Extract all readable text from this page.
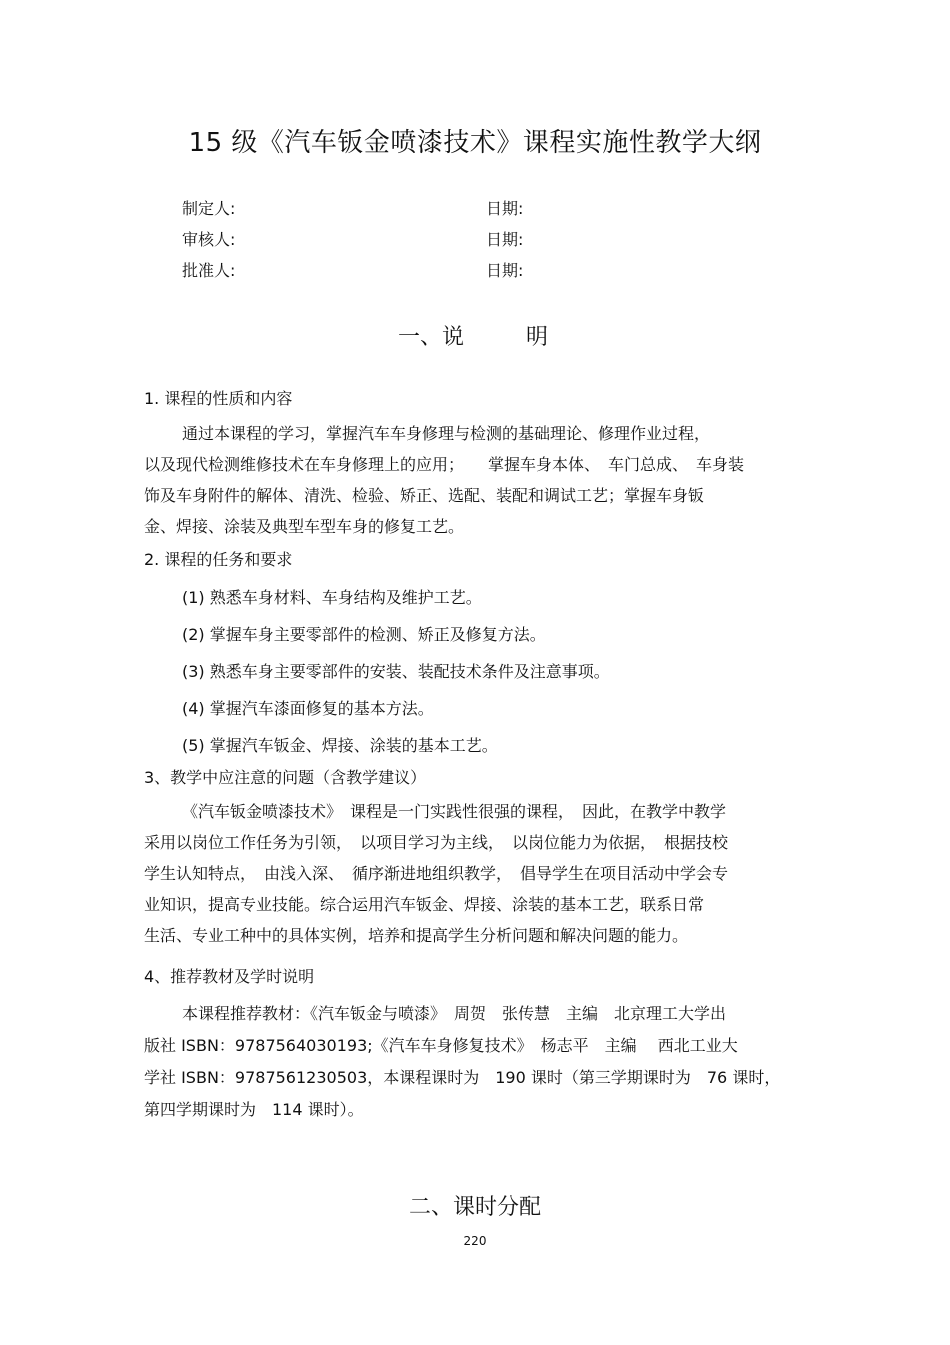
15 级《汽车钣金喷漆技术》课程实施性教学大纲
制定人:	日期:
审核人:	日期:
批准人:	日期:
一、说	明
1. 课程的性质和内容
通过本课程的学习，掌握汽车车身修理与检测的基础理论、修理作业过程，
以及现代检测维修技术在车身修理上的应用；　　掌握车身本体、　车门总成、　车身装
饰及车身附件的解体、清洗、检验、矫正、选配、装配和调试工艺；掌握车身钣
金、焊接、涂装及典型车型车身的修复工艺。
2. 课程的任务和要求
(1) 熟悉车身材料、车身结构及维护工艺。
(2) 掌握车身主要零部件的检测、矫正及修复方法。
(3) 熟悉车身主要零部件的安装、装配技术条件及注意事项。
(4) 掌握汽车漆面修复的基本方法。
(5) 掌握汽车钣金、焊接、涂装的基本工艺。
3、教学中应注意的问题（含教学建议）
《汽车钣金喷漆技术》　课程是一门实践性很强的课程，　因此，在教学中教学
采用以岗位工作任务为引领，　以项目学习为主线，　以岗位能力为依据，　根据技校
学生认知特点，　由浅入深、　循序渐进地组织教学，　倡导学生在项目活动中学会专
业知识，提高专业技能。综合运用汽车钣金、焊接、涂装的基本工艺，联系日常
生活、专业工种中的具体实例，培养和提高学生分析问题和解决问题的能力。
4、推荐教材及学时说明
本课程推荐教材：《汽车钣金与喷漆》　周贺　张传慧　主编　北京理工大学出
版社 ISBN：9787564030193;《汽车车身修复技术》　杨志平　主编　 西北工业大
学社 ISBN：9787561230503，本课程课时为　190 课时（第三学期课时为　76 课时，
第四学期课时为　114 课时）。
二、课时分配
220
